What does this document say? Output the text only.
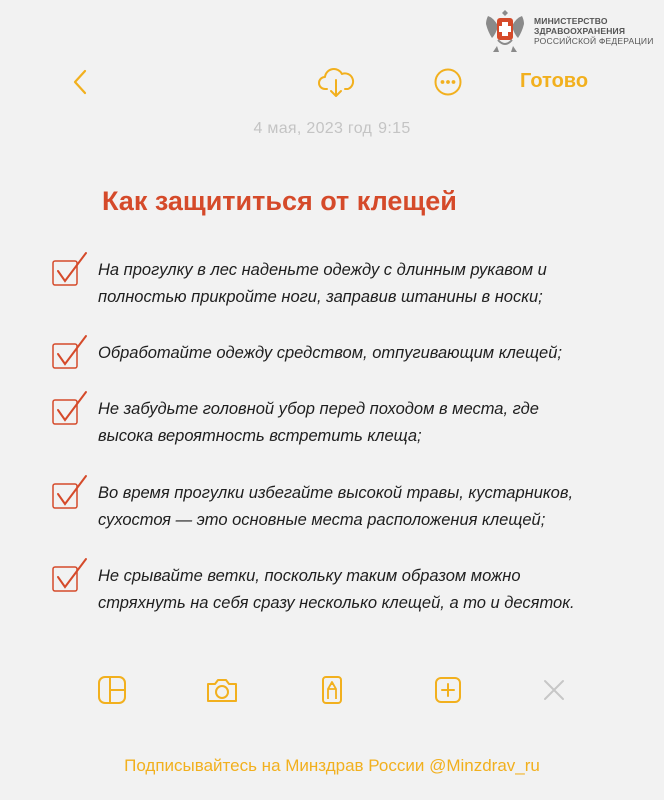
МИНИСТЕРСТВО
ЗДРАВООХРАНЕНИЯ
РОССИЙСКОЙ ФЕДЕРАЦИИ
Готово
4 мая, 2023 год 9:15
Как защититься от клещей
На прогулку в лес наденьте одежду с длинным рукавом и
полностью прикройте ноги, заправив штанины в носки;
Обработайте одежду средством, отпугивающим клещей;
Не забудьте головной убор перед походом в места, где
высока вероятность встретить клеща;
Во время прогулки избегайте высокой травы, кустарников,
сухостоя — это основные места расположения клещей;
Не срывайте ветки, поскольку таким образом можно
стряхнуть на себя сразу несколько клещей, а то и десяток.
Подписывайтесь на Минздрав России @Minzdrav_ru
